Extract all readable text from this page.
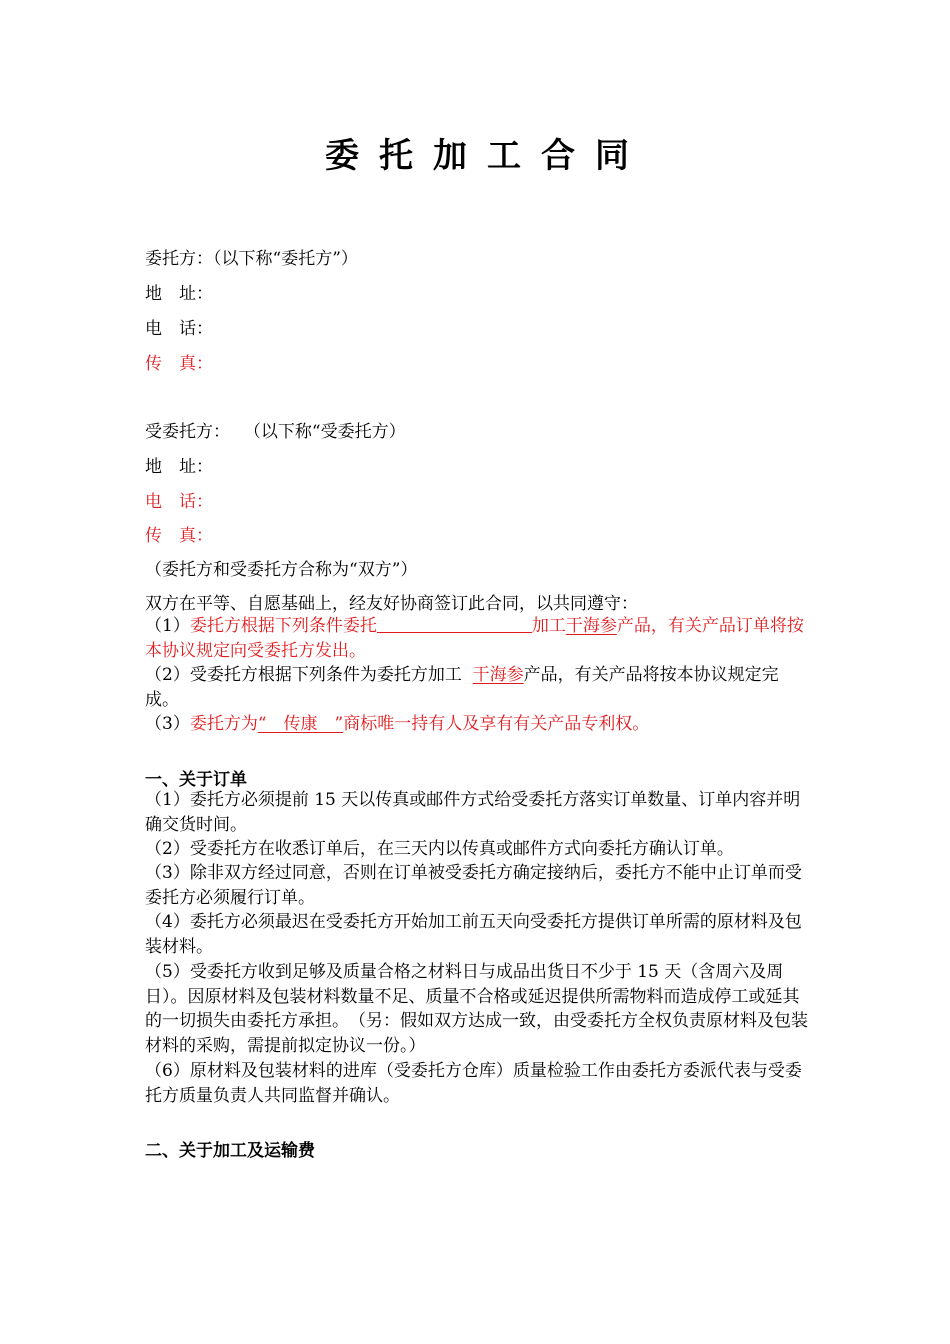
委托加工合同
委托方：（以下称“委托方”）
地　址：
电　话：
传　真：
受委托方：　 （以下称“受委托方）
地　址：
电　话：
传　真：
（委托方和受委托方合称为“双方”）
双方在平等、自愿基础上，经友好协商签订此合同，以共同遵守：
（1）委托方根据下列条件委托	加工干海参产品，有关产品订单将按本协议规定向受委托方发出。
（2）受委托方根据下列条件为委托方加工 干海参产品，有关产品将按本协议规定完成。
（3）委托方为“　传康　”商标唯一持有人及享有有关产品专利权。
一、关于订单
（1）委托方必须提前 15 天以传真或邮件方式给受委托方落实订单数量、订单内容并明确交货时间。
（2）受委托方在收悉订单后，在三天内以传真或邮件方式向委托方确认订单。
（3）除非双方经过同意，否则在订单被受委托方确定接纳后，委托方不能中止订单而受委托方必须履行订单。
（4）委托方必须最迟在受委托方开始加工前五天向受委托方提供订单所需的原材料及包装材料。
（5）受委托方收到足够及质量合格之材料日与成品出货日不少于 15 天（含周六及周日）。因原材料及包装材料数量不足、质量不合格或延迟提供所需物料而造成停工或延其的一切损失由委托方承担。　（另：假如双方达成一致，由受委托方全权负责原材料及包装材料的采购，需提前拟定协议一份。）
（6）原材料及包装材料的进库（受委托方仓库）质量检验工作由委托方委派代表与受委托方质量负责人共同监督并确认。
二、关于加工及运输费
